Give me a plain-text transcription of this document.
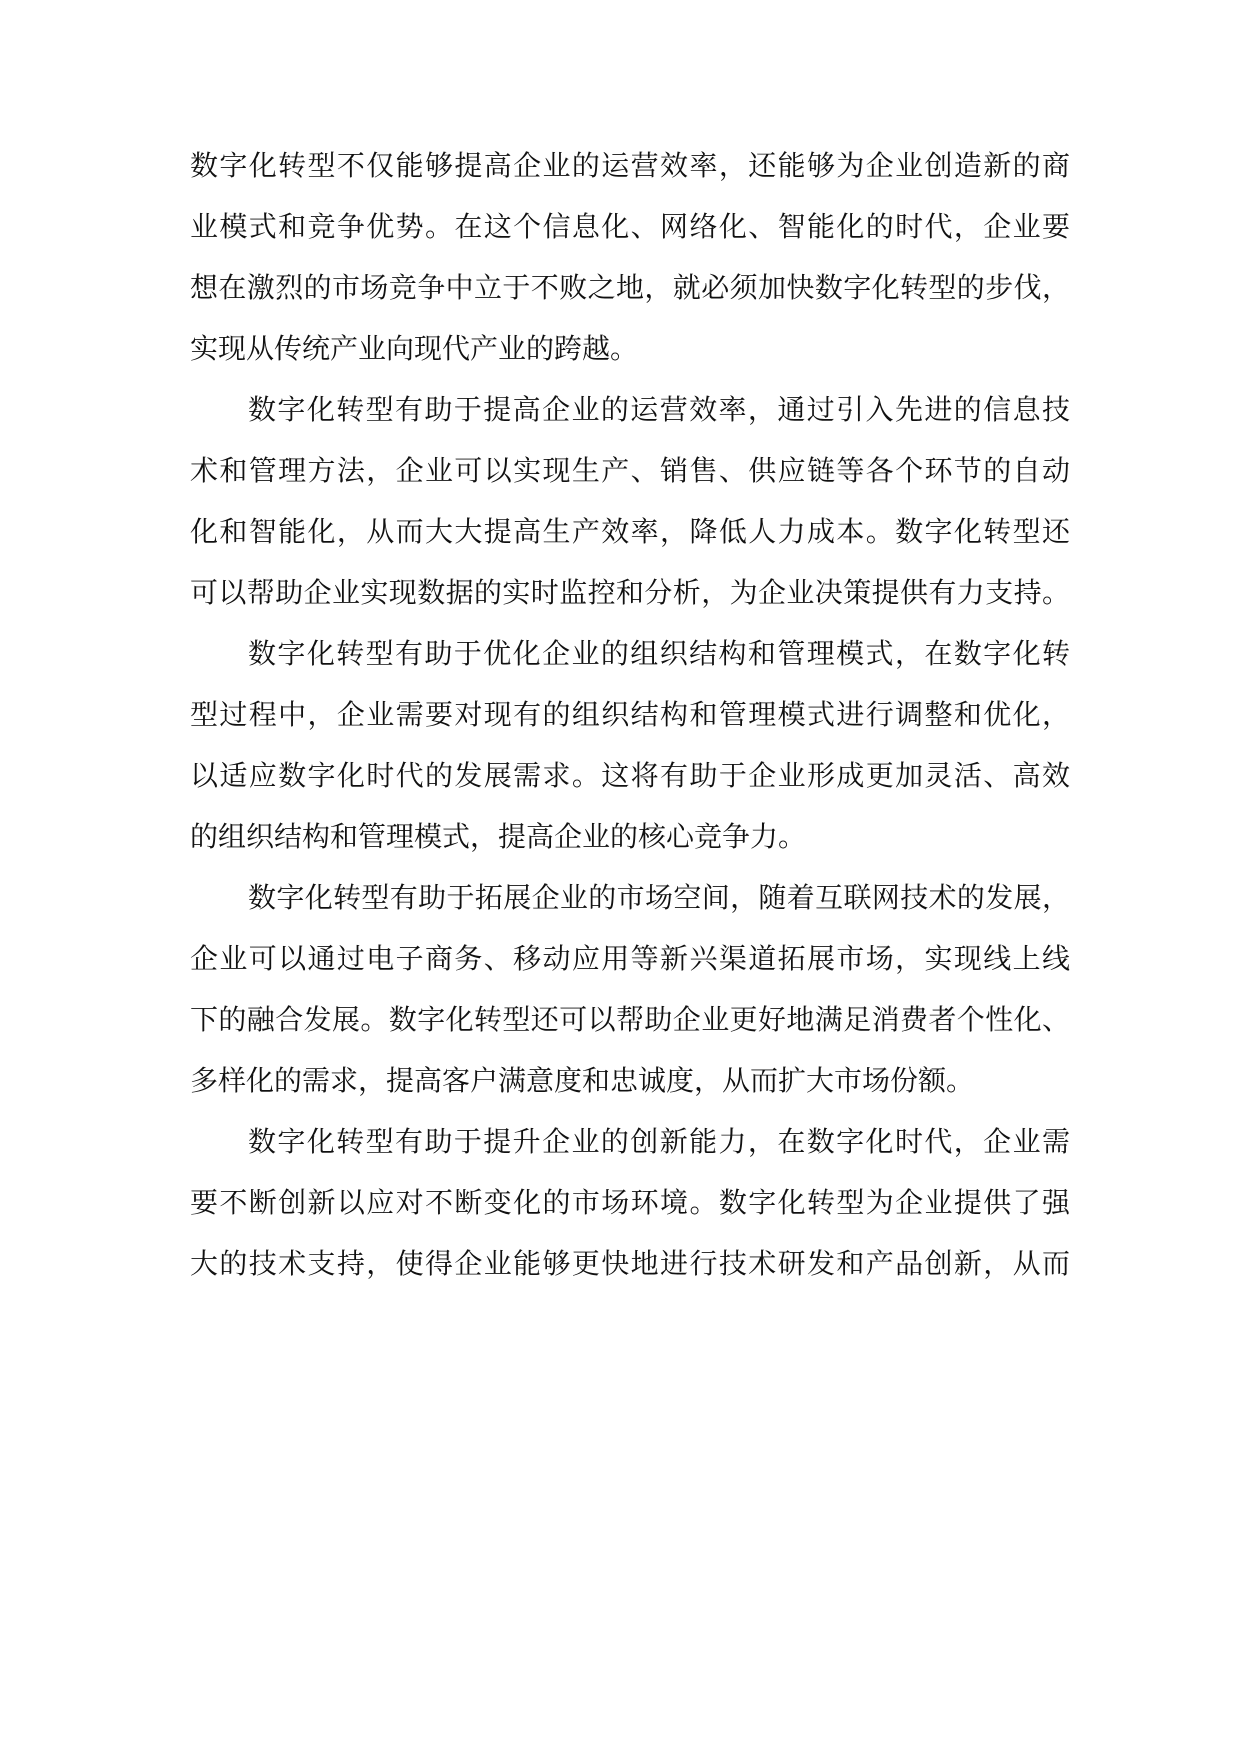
数字化转型不仅能够提高企业的运营效率，还能够为企业创造新的商
业模式和竞争优势。在这个信息化、网络化、智能化的时代，企业要
想在激烈的市场竞争中立于不败之地，就必须加快数字化转型的步伐，
实现从传统产业向现代产业的跨越。
数字化转型有助于提高企业的运营效率，通过引入先进的信息技
术和管理方法，企业可以实现生产、销售、供应链等各个环节的自动
化和智能化，从而大大提高生产效率，降低人力成本。数字化转型还
可以帮助企业实现数据的实时监控和分析，为企业决策提供有力支持。
数字化转型有助于优化企业的组织结构和管理模式，在数字化转
型过程中，企业需要对现有的组织结构和管理模式进行调整和优化，
以适应数字化时代的发展需求。这将有助于企业形成更加灵活、高效
的组织结构和管理模式，提高企业的核心竞争力。
数字化转型有助于拓展企业的市场空间，随着互联网技术的发展，
企业可以通过电子商务、移动应用等新兴渠道拓展市场，实现线上线
下的融合发展。数字化转型还可以帮助企业更好地满足消费者个性化、
多样化的需求，提高客户满意度和忠诚度，从而扩大市场份额。
数字化转型有助于提升企业的创新能力，在数字化时代，企业需
要不断创新以应对不断变化的市场环境。数字化转型为企业提供了强
大的技术支持，使得企业能够更快地进行技术研发和产品创新，从而
